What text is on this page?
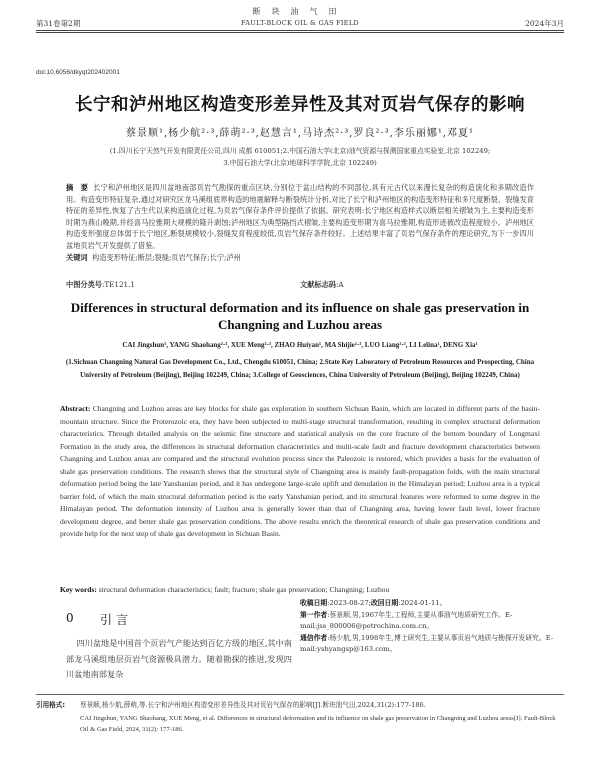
断块油气田
第31卷第2期	FAULT-BLOCK OIL & GAS FIELD	2024年3月
doi:10.6056/dkyqt202402001
长宁和泸州地区构造变形差异性及其对页岩气保存的影响
蔡景顺¹,杨少航²·³,薛萌²·³,赵慧言¹,马诗杰²·³,罗良²·³,李乐丽娜¹,邓夏¹
(1.四川长宁天然气开发有限责任公司,四川 成都 610051;2.中国石油大学(北京)油气资源与探测国家重点实验室,北京 102249;
3.中国石油大学(北京)地球科学学院,北京 102249)
摘　要 长宁和泸州地区是四川盆地南部页岩气勘探的重点区块,分别位于盆山结构的不同部位,具有元古代以来漫长复杂的构造演化和多期改造作用。构造变形特征复杂,通过对研究区龙马溪组底界构造的地震解释与断裂统计分析,对比了长宁和泸州地区的构造变形特征和多尺度断裂、裂缝发育特征的差异性,恢复了古生代以来构造演化过程,为页岩气保存条件评价提供了依据。研究表明:长宁地区构造样式以断层相关褶皱为主,主要构造变形时期为燕山晚期,并经喜马拉雅期大规模的隆升剥蚀;泸州地区为典型隔挡式褶皱,主要构造变形期为喜马拉雅期,构造形迹被改造程度较小。泸州地区构造变形强度总体弱于长宁地区,断裂规模较小,裂缝发育程度较低,页岩气保存条件较好。上述结果丰富了页岩气保存条件的理论研究,为下一步四川盆地页岩气开发提供了借鉴。
关键词 构造变形特征;断层;裂缝;页岩气保存;长宁;泸州
中图分类号:TE121.1	文献标志码:A
Differences in structural deformation and its influence on shale gas preservation in Changning and Luzhou areas
CAI Jingshun¹, YANG Shaohang²·³, XUE Meng²·³, ZHAO Huiyan¹, MA Shijie²·³, LUO Liang²·³, LI Lelina¹, DENG Xia¹
(1.Sichuan Changning Natural Gas Development Co., Ltd., Chengdu 610051, China; 2.State Key Laboratory of Petroleum Resources and Prospecting, China University of Petroleum (Beijing), Beijing 102249, China; 3.College of Geosciences, China University of Petroleum (Beijing), Beijing 102249, China)
Abstract: Changning and Luzhou areas are key blocks for shale gas exploration in southern Sichuan Basin, which are located in different parts of the basin-mountain structure. Since the Proterozoic era, they have been subjected to multi-stage structural transformation, resulting in complex structural deformation characteristics. Through detailed analysis on the seismic fine structure and statistical analysis on the core fracture of the bottom boundary of Longmaxi Formation in the study area, the differences in structural deformation characteristics and multi-scale fault and fracture development characteristics between Changning and Luzhou areas are compared and the structural evolution process since the Paleozoic is restored, which provides a basis for the evaluation of shale gas preservation conditions. The research shows that the structural style of Changning area is mainly fault-propagation folds, with the main structural deformation period being the late Yanshanian period, and it has undergone large-scale uplift and denudation in the Himalayan period; Luzhou area is a typical barrier fold, of which the main structural deformation period is the early Yanshanian period, and its structural features were reformed to some degree in the Himalayan period. The deformation intensity of Luzhou area is generally lower than that of Changning area, having lower fault level, lower fracture development degree, and better shale gas preservation conditions. The above results enrich the theoretical research of shale gas preservation conditions and provide help for the next step of shale gas development in Sichuan Basin.
Key words: structural deformation characteristics; fault; fracture; shale gas preservation; Changning; Luzhou
0 引言
四川盆地是中国首个页岩气产能达到百亿方级的地区,其中南部龙马溪组地层页岩气资源极具潜力。随着勘探的推进,发现四川盆地南部复杂
收稿日期:2023-08-27;改回日期:2024-01-11。
第一作者:蔡景顺,男,1967年生,工程师,主要从事油气地质研究工作。E-mail:jss_800006@petrochina.com.cn。
通信作者:杨少航,男,1998年生,博士研究生,主要从事页岩气地质与勘探开发研究。E-mail:yshyangsp@163.com。
引用格式: 蔡景顺,杨少航,薛萌,等.长宁和泸州地区构造变形差异性及其对页岩气保存的影响[J].断块油气田,2024,31(2):177-186.
CAI Jingshun, YANG Shaohang, XUE Meng, et al. Differences in structural deformation and its influence on shale gas preservation in Changning and Luzhou areas[J]. Fault-Block Oil & Gas Field, 2024, 31(2): 177-186.
